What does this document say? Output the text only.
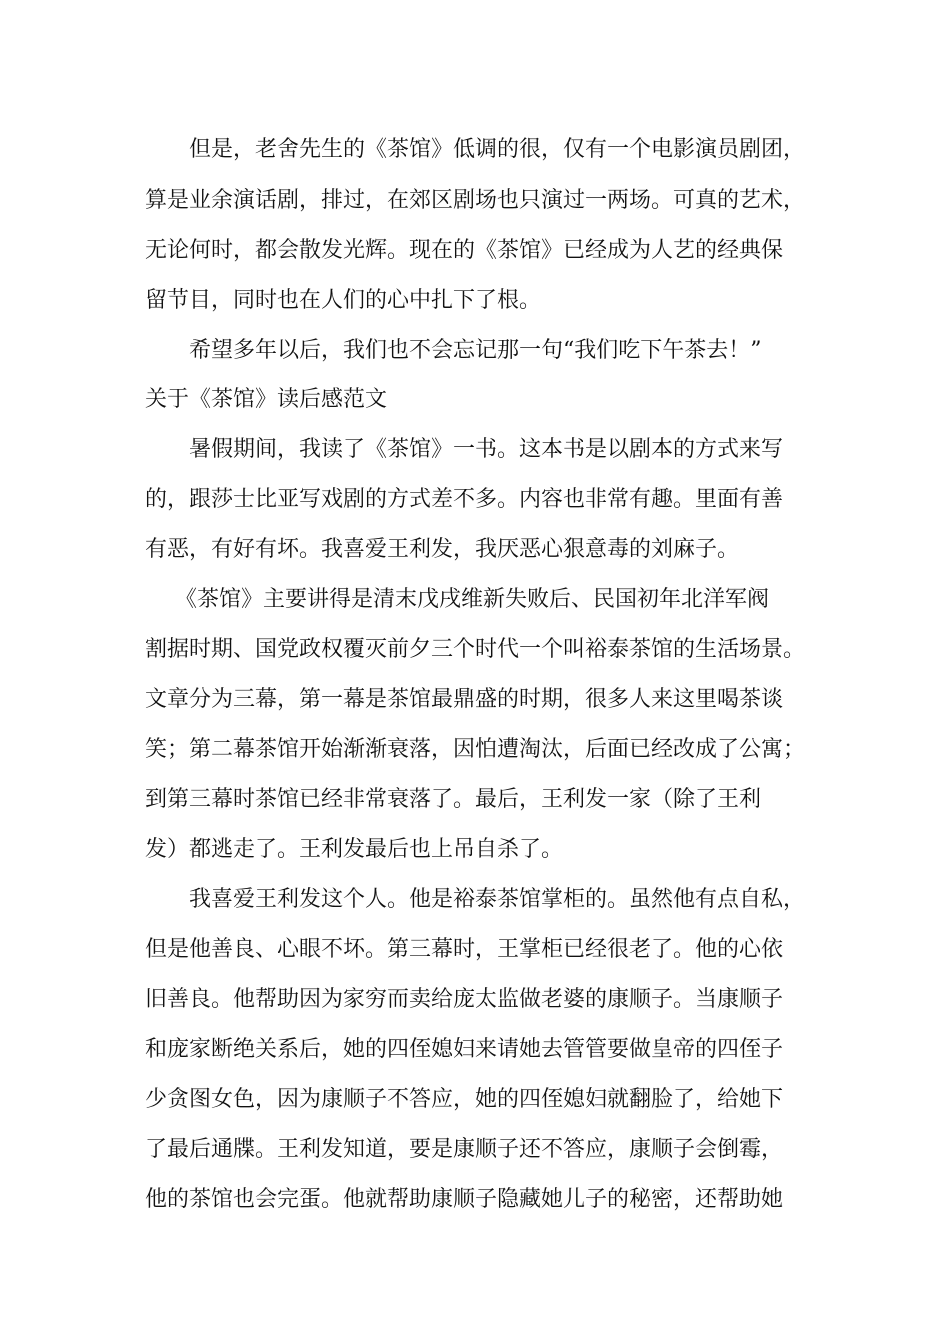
但是，老舍先生的《茶馆》低调的很，仅有一个电影演员剧团，

算是业余演话剧，排过，在郊区剧场也只演过一两场。可真的艺术，

无论何时，都会散发光辉。现在的《茶馆》已经成为人艺的经典保

留节目，同时也在人们的心中扎下了根。

希望多年以后，我们也不会忘记那一句“我们吃下午茶去！”

关于《茶馆》读后感范文

暑假期间，我读了《茶馆》一书。这本书是以剧本的方式来写

的，跟莎士比亚写戏剧的方式差不多。内容也非常有趣。里面有善

有恶，有好有坏。我喜爱王利发，我厌恶心狠意毒的刘麻子。

《茶馆》主要讲得是清末戊戌维新失败后、民国初年北洋军阀

割据时期、国党政权覆灭前夕三个时代一个叫裕泰茶馆的生活场景。

文章分为三幕，第一幕是茶馆最鼎盛的时期，很多人来这里喝茶谈

笑；第二幕茶馆开始渐渐衰落，因怕遭淘汰，后面已经改成了公寓；

到第三幕时茶馆已经非常衰落了。最后，王利发一家（除了王利

发）都逃走了。王利发最后也上吊自杀了。

我喜爱王利发这个人。他是裕泰茶馆掌柜的。虽然他有点自私，

但是他善良、心眼不坏。第三幕时，王掌柜已经很老了。他的心依

旧善良。他帮助因为家穷而卖给庞太监做老婆的康顺子。当康顺子

和庞家断绝关系后，她的四侄媳妇来请她去管管要做皇帝的四侄子

少贪图女色，因为康顺子不答应，她的四侄媳妇就翻脸了，给她下

了最后通牒。王利发知道，要是康顺子还不答应，康顺子会倒霉，

他的茶馆也会完蛋。他就帮助康顺子隐藏她儿子的秘密，还帮助她
